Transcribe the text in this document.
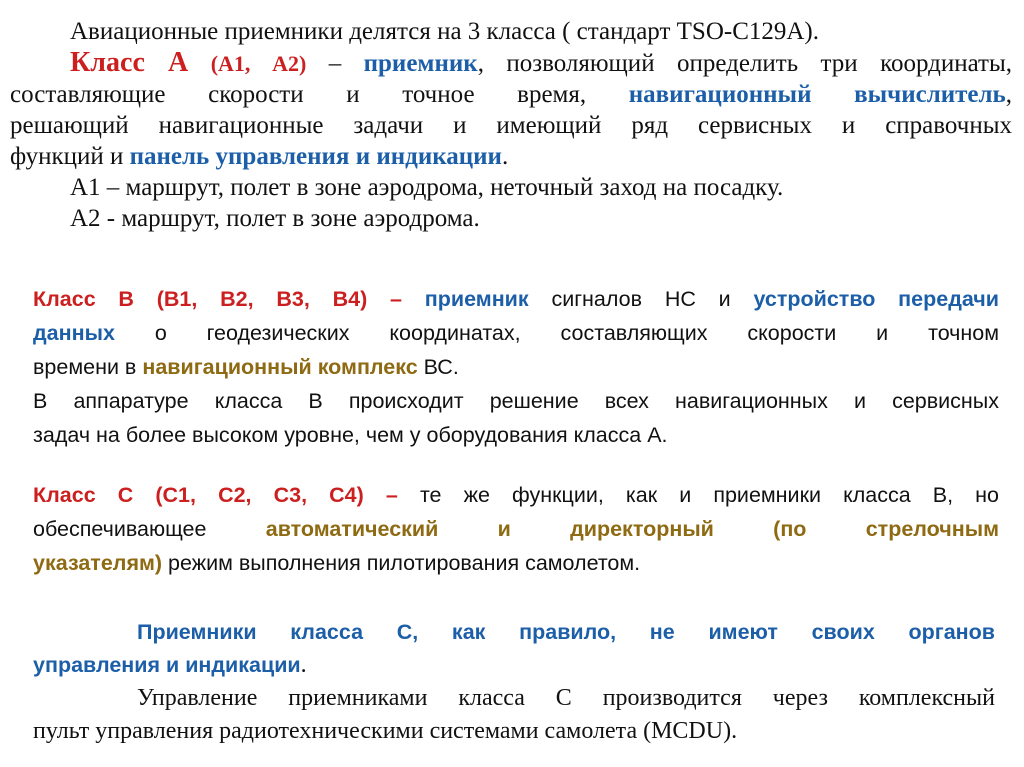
Авиационные приемники делятся на 3 класса ( стандарт TSO-C129A).
Класс А (А1, А2) – приемник, позволяющий определить три координаты,
составляющие скорости и точное время, навигационный вычислитель,
решающий навигационные задачи и имеющий ряд сервисных и справочных
функций и панель управления и индикации.
А1 – маршрут, полет в зоне аэродрома, неточный заход на посадку.
А2 - маршрут, полет в зоне аэродрома.
Класс В (В1, В2, В3, В4) – приемник сигналов НС и устройство передачи
данных о геодезических координатах, составляющих скорости и точном
времени в навигационный комплекс ВС.
В аппаратуре класса В происходит решение всех навигационных и сервисных
задач на более высоком уровне, чем у оборудования класса А.
Класс С (С1, С2, С3, С4) – те же функции, как и приемники класса В, но
обеспечивающее автоматический и директорный (по стрелочным
указателям) режим выполнения пилотирования самолетом.
Приемники класса С, как правило, не имеют своих органов
управления и индикации.
Управление приемниками класса С производится через комплексный
пульт управления радиотехническими системами самолета (MCDU).
